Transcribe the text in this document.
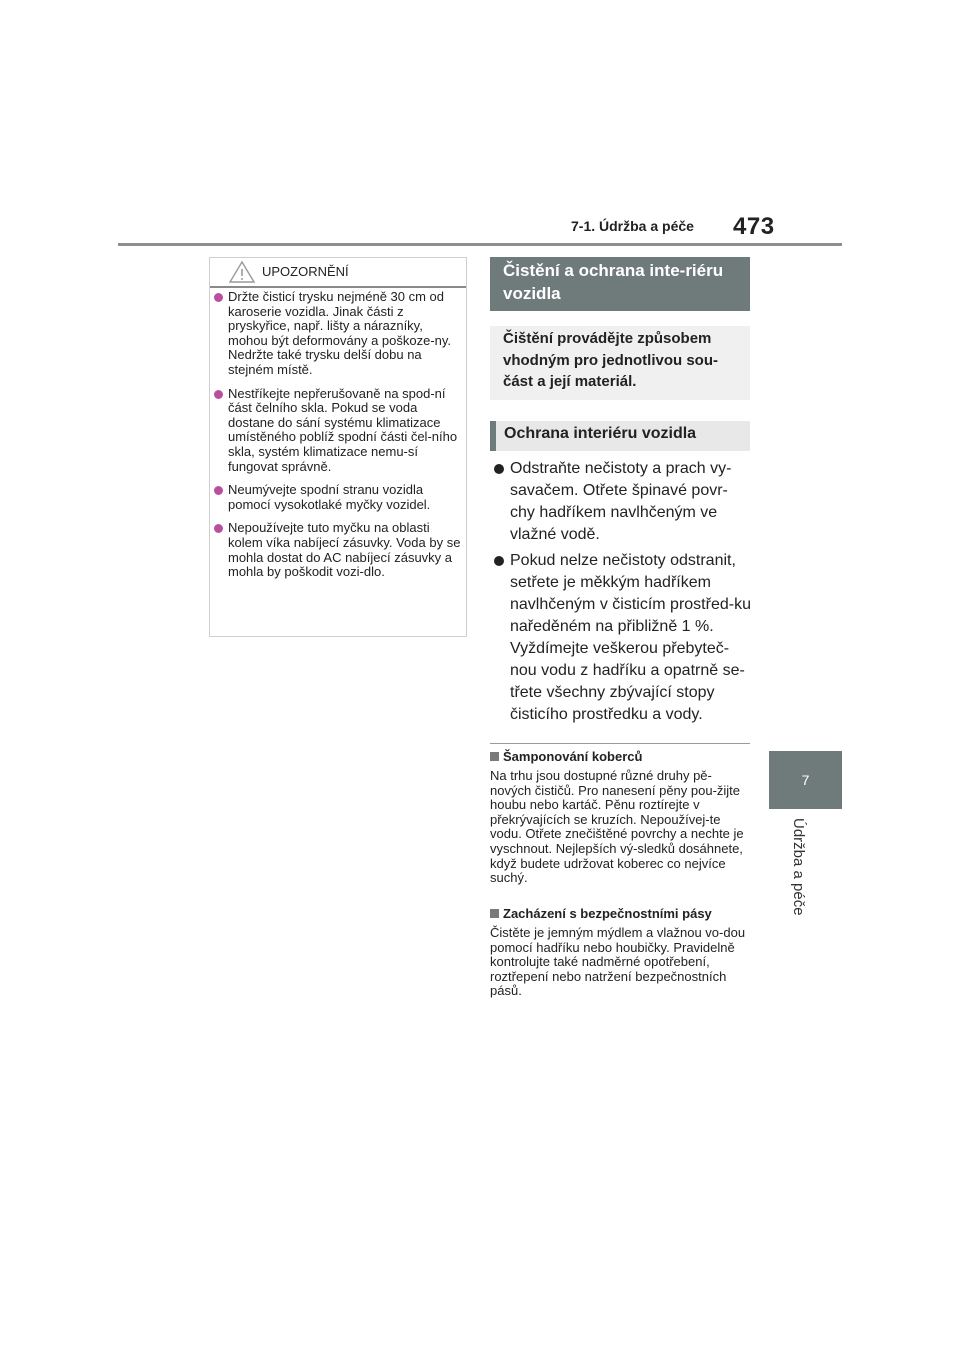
7-1. Údržba a péče 473
7
Údržba a péče
UPOZORNĚNÍ
Držte čisticí trysku nejméně 30 cm od karoserie vozidla. Jinak části z pryskyřice, např. lišty a nárazníky, mohou být deformovány a poškoze-ny. Nedržte také trysku delší dobu na stejném místě.
Nestříkejte nepřerušovaně na spod-ní část čelního skla. Pokud se voda dostane do sání systému klimatizace umístěného poblíž spodní části čel-ního skla, systém klimatizace nemu-sí fungovat správně.
Neumývejte spodní stranu vozidla pomocí vysokotlaké myčky vozidel.
Nepoužívejte tuto myčku na oblasti kolem víka nabíjecí zásuvky. Voda by se mohla dostat do AC nabíjecí zásuvky a mohla by poškodit vozi-dlo.
Čistění a ochrana inte-riéru vozidla
Čištění provádějte způsobem vhodným pro jednotlivou sou-část a její materiál.
Ochrana interiéru vozidla
Odstraňte nečistoty a prach vy-savačem. Otřete špinavé povr-chy hadříkem navlhčeným ve vlažné vodě.
Pokud nelze nečistoty odstranit, setřete je měkkým hadříkem navlhčeným v čisticím prostřed-ku naředěném na přibližně 1 %. Vyždímejte veškerou přebyteč-nou vodu z hadříku a opatrně se-třete všechny zbývající stopy čisticího prostředku a vody.
Šamponování koberců
Na trhu jsou dostupné různé druhy pě-nových čističů. Pro nanesení pěny pou-žijte houbu nebo kartáč. Pěnu roztírejte v překrývajících se kruzích. Nepoužívej-te vodu. Otřete znečištěné povrchy a nechte je vyschnout. Nejlepších vý-sledků dosáhnete, když budete udržovat koberec co nejvíce suchý.
Zacházení s bezpečnostními pásy
Čistěte je jemným mýdlem a vlažnou vo-dou pomocí hadříku nebo houbičky. Pravidelně kontrolujte také nadměrné opotřebení, roztřepení nebo natržení bezpečnostních pásů.
